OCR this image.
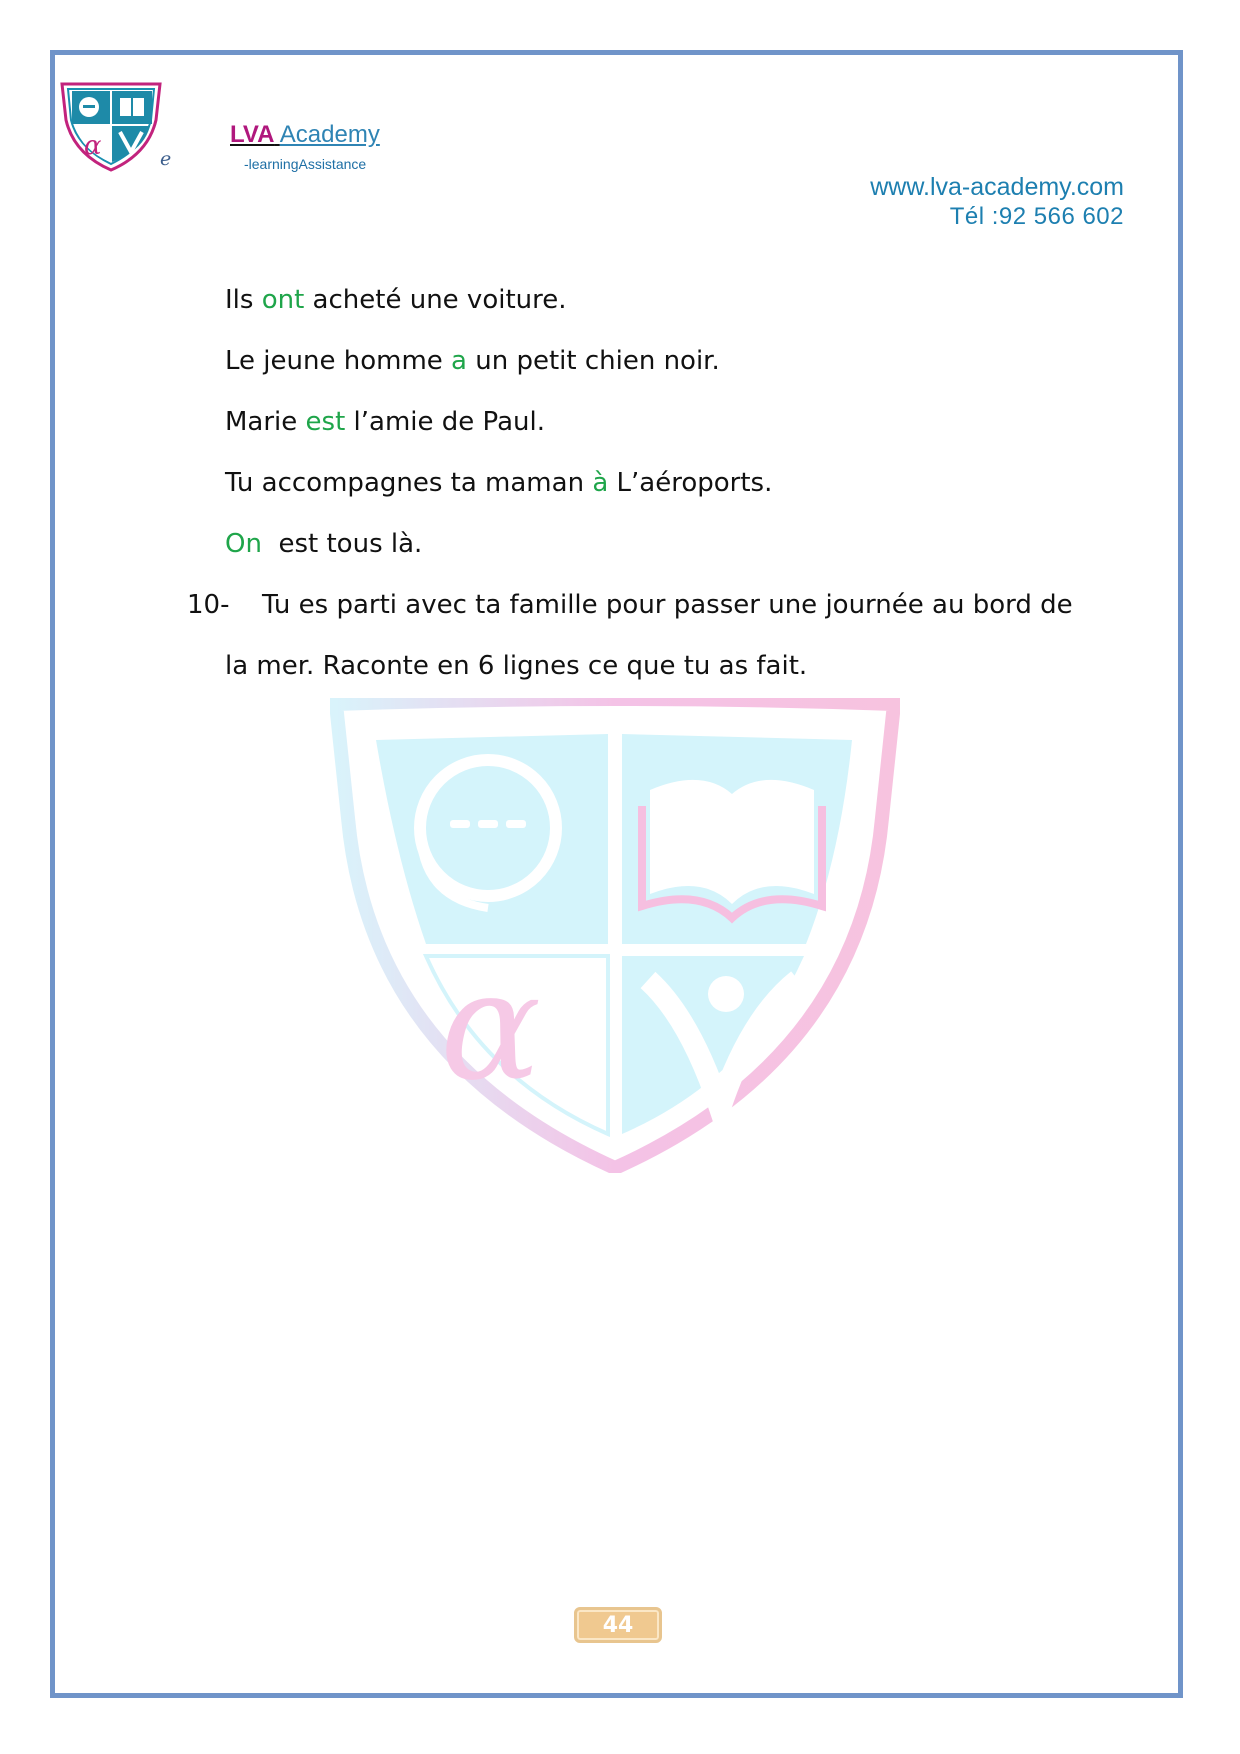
α	e
LVA Academy
-learningAssistance
www.lva-academy.com
Tél :92 566 602
α
Ils ont acheté une voiture.
Le jeune homme a un petit chien noir.
Marie est l’amie de Paul.
Tu accompagnes ta maman à L’aéroports.
On  est tous là.
10- Tu es parti avec ta famille pour passer une journée au bord de
la mer. Raconte en 6 lignes ce que tu as fait.
44
